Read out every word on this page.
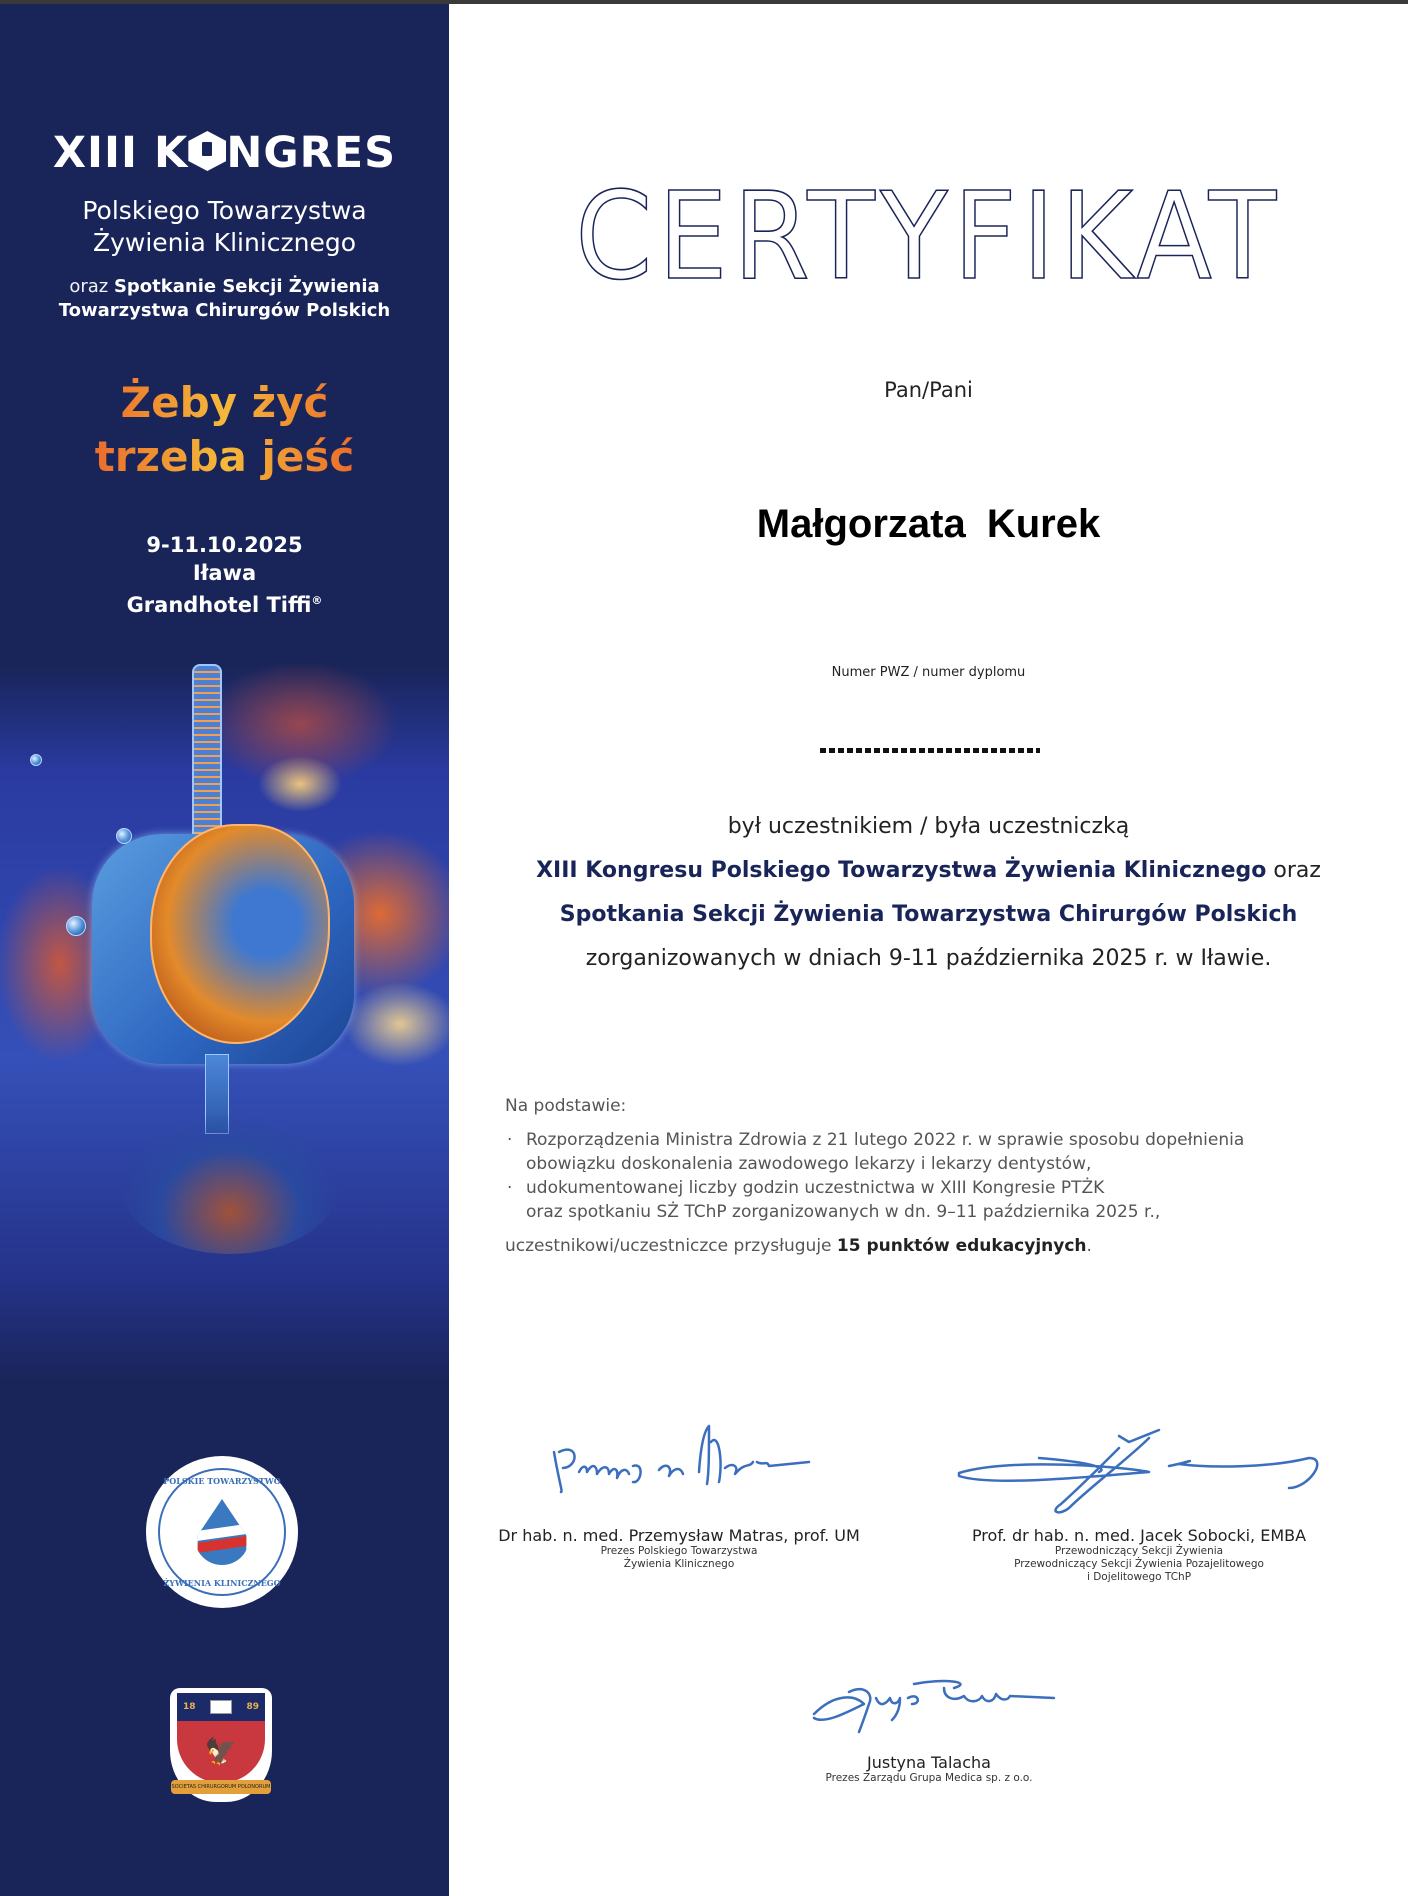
XIII K NGRES
Polskiego Towarzystwa
Żywienia Klinicznego
oraz Spotkanie Sekcji Żywienia
Towarzystwa Chirurgów Polskich
Żeby żyć
trzeba jeść
9-11.10.2025
Iława
Grandhotel Tiffi®
POLSKIE TOWARZYSTWO
ŻYWIENIA KLINICZNEGO
18	89
🦅
SOCIETAS CHIRURGORUM POLONORUM
CERTYFIKAT
Pan/Pani
Małgorzata Kurek
Numer PWZ / numer dyplomu
był uczestnikiem / była uczestniczką
XIII Kongresu Polskiego Towarzystwa Żywienia Klinicznego oraz
Spotkania Sekcji Żywienia Towarzystwa Chirurgów Polskich
zorganizowanych w dniach 9-11 października 2025 r. w Iławie.
Na podstawie:
· Rozporządzenia Ministra Zdrowia z 21 lutego 2022 r. w sprawie sposobu dopełnienia
obowiązku doskonalenia zawodowego lekarzy i lekarzy dentystów,
· udokumentowanej liczby godzin uczestnictwa w XIII Kongresie PTŻK
oraz spotkaniu SŻ TChP zorganizowanych w dn. 9–11 października 2025 r.,
uczestnikowi/uczestniczce przysługuje 15 punktów edukacyjnych.
Dr hab. n. med. Przemysław Matras, prof. UM
Prezes Polskiego Towarzystwa
Żywienia Klinicznego
Prof. dr hab. n. med. Jacek Sobocki, EMBA
Przewodniczący Sekcji Żywienia
Przewodniczący Sekcji Żywienia Pozajelitowego
i Dojelitowego TChP
Justyna Talacha
Prezes Zarządu Grupa Medica sp. z o.o.
